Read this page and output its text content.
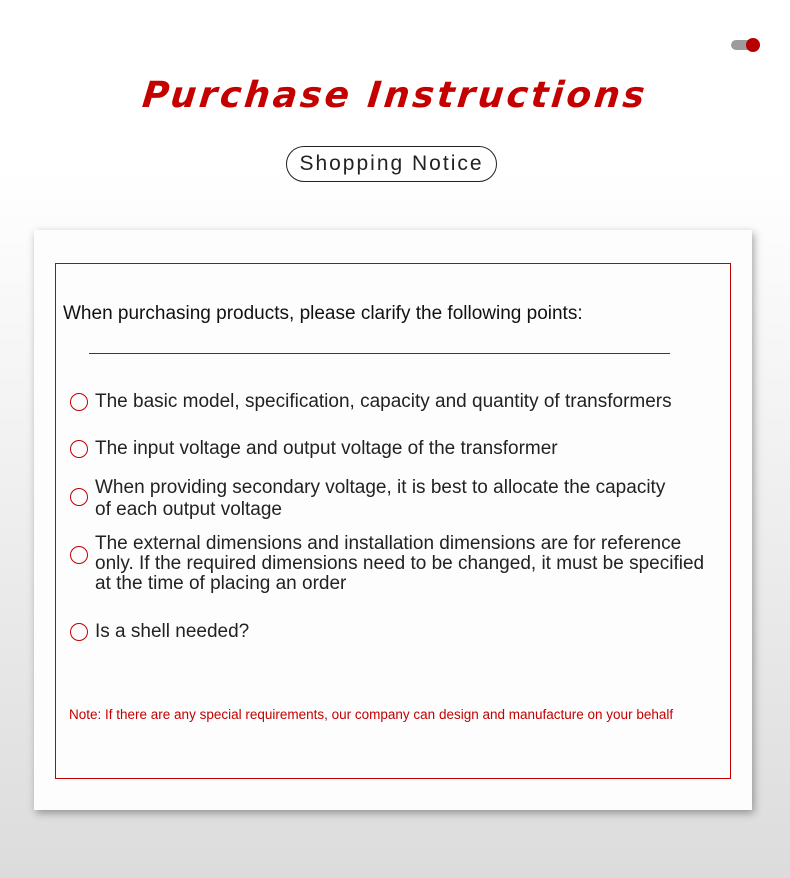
Purchase Instructions
Shopping Notice
When purchasing products, please clarify the following points:
The basic model, specification, capacity and quantity of transformers
The input voltage and output voltage of the transformer
When providing secondary voltage, it is best to allocate the capacity
of each output voltage
The external dimensions and installation dimensions are for reference
only. If the required dimensions need to be changed, it must be specified
at the time of placing an order
Is a shell needed?
Note: If there are any special requirements, our company can design and manufacture on your behalf
